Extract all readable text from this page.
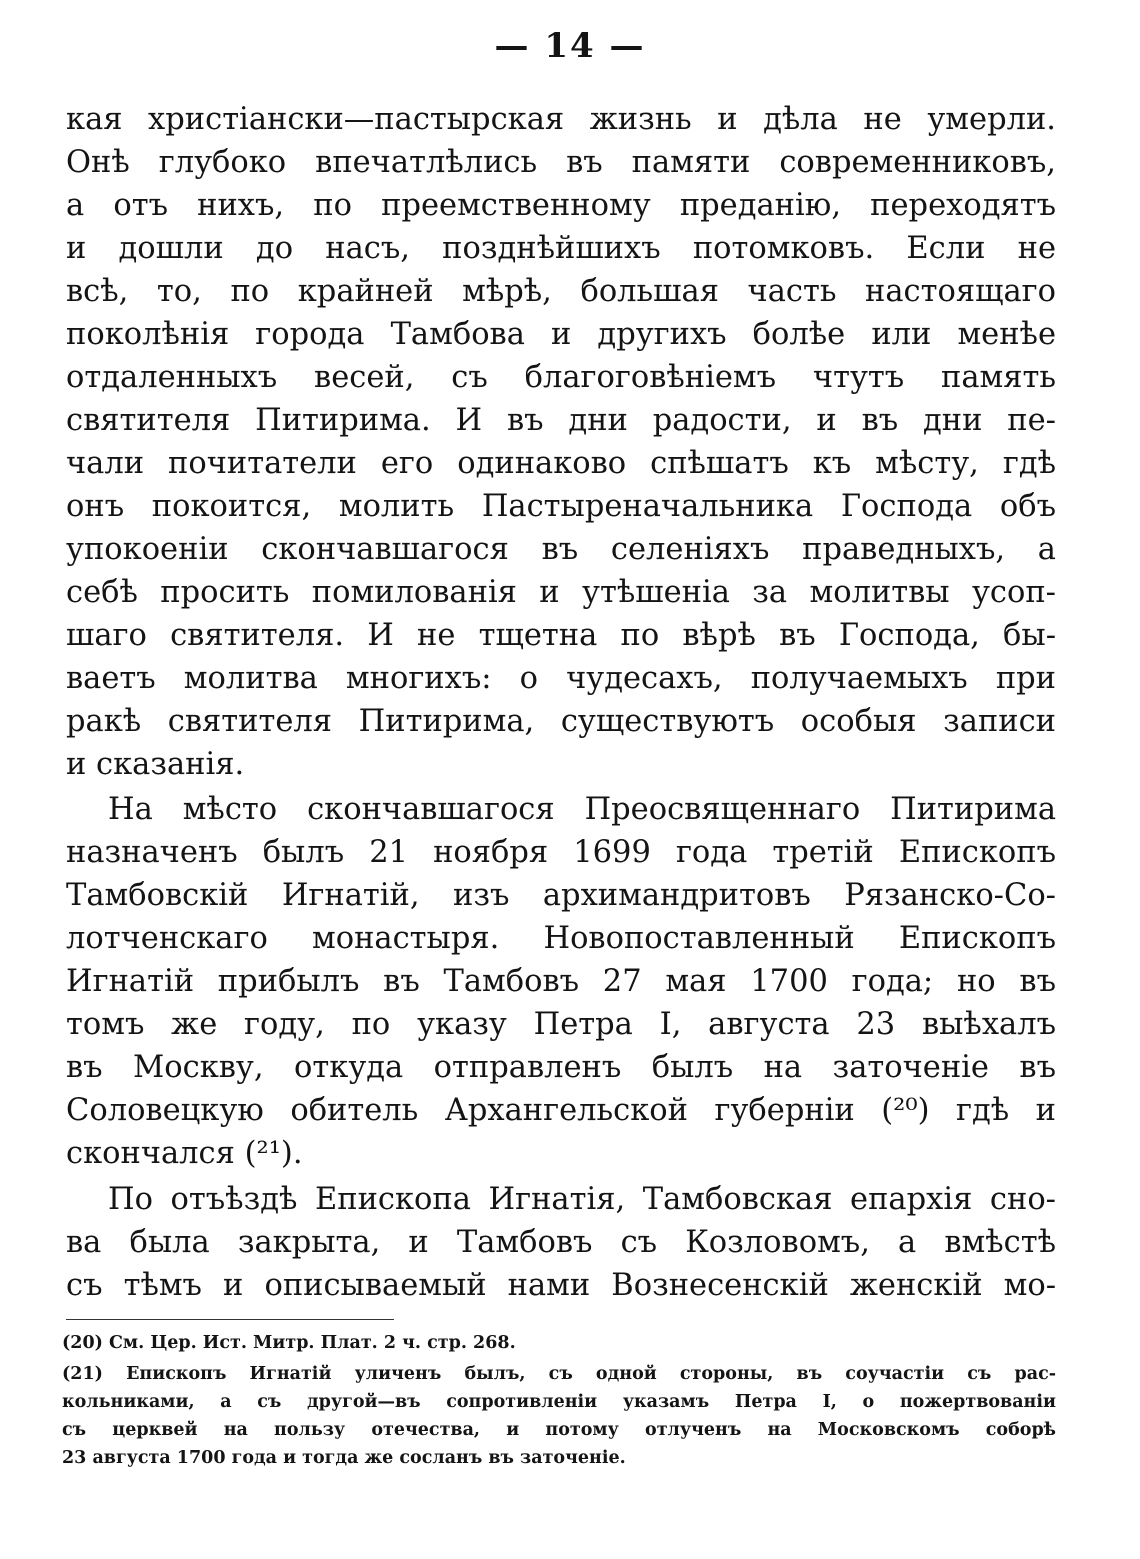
— 14 —
кая христіански—пастырская жизнь и дѣла не умерли.
Онѣ глубоко впечатлѣлись въ памяти современниковъ,
а отъ нихъ, по преемственному преданію, переходятъ
и дошли до насъ, позднѣйшихъ потомковъ. Если не
всѣ, то, по крайней мѣрѣ, большая часть настоящаго
поколѣнія города Тамбова и другихъ болѣе или менѣе
отдаленныхъ весей, съ благоговѣніемъ чтутъ память
святителя Питирима. И въ дни радости, и въ дни пе-
чали почитатели его одинаково спѣшатъ къ мѣсту, гдѣ
онъ покоится, молить Пастыреначальника Господа объ
упокоеніи скончавшагося въ селеніяхъ праведныхъ, а
себѣ просить помилованія и утѣшеніа за молитвы усоп-
шаго святителя. И не тщетна по вѣрѣ въ Господа, бы-
ваетъ молитва многихъ: о чудесахъ, получаемыхъ при
ракѣ святителя Питирима, существуютъ особыя записи
и сказанія.
На мѣсто скончавшагося Преосвященнаго Питирима
назначенъ былъ 21 ноября 1699 года третій Епископъ
Тамбовскій Игнатій, изъ архимандритовъ Рязанско-Со-
лотченскаго монастыря. Новопоставленный Епископъ
Игнатій прибылъ въ Тамбовъ 27 мая 1700 года; но въ
томъ же году, по указу Петра I, августа 23 выѣхалъ
въ Москву, откуда отправленъ былъ на заточеніе въ
Соловецкую обитель Архангельской губерніи (²⁰) гдѣ и
скончался (²¹).
По отъѣздѣ Епископа Игнатія, Тамбовская епархія сно-
ва была закрыта, и Тамбовъ съ Козловомъ, а вмѣстѣ
съ тѣмъ и описываемый нами Вознесенскій женскій мо-
(20) См. Цер. Ист. Митр. Плат. 2 ч. стр. 268.
(21) Епископъ Игнатій уличенъ былъ, съ одной стороны, въ соучастіи съ рас-
кольниками, а съ другой—въ сопротивленіи указамъ Петра I, о пожертвованіи
съ церквей на пользу отечества, и потому отлученъ на Московскомъ соборѣ
23 августа 1700 года и тогда же сосланъ въ заточеніе.
